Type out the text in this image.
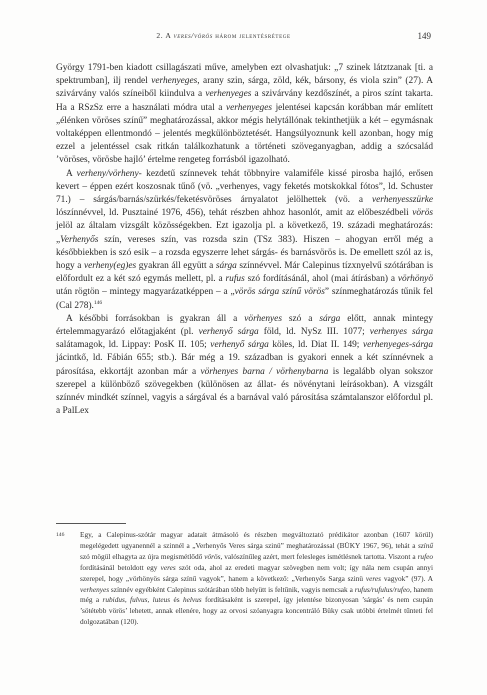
2. A veres/vörös három jelentésrétege	149

György 1791-ben kiadott csillagászati műve, amelyben ezt olvashatjuk: „7 szinek látztzanak [ti. a spektrumban], ilj rendel verhenyeges, arany szin, sárga, zöld, kék, bársony, és viola szin” (27). A szivárvány valós színeiből kiindulva a verhenyeges a szivárvány kezdőszínét, a piros színt takarta. Ha a RSzSz erre a használati módra utal a verhenyeges jelentései kapcsán korábban már említett „élénken vöröses színű” meghatározással, akkor mégis helytállónak tekinthetjük a két – egymásnak voltaképpen ellentmondó – jelentés megkülönböztetését. Hangsúlyoznunk kell azonban, hogy míg ezzel a jelentéssel csak ritkán találkozhatunk a történeti szöveganyagban, addig a szócsalád ’vöröses, vörösbe hajló’ értelme rengeteg forrásból igazolható.

A verheny/vörheny- kezdetű színnevek tehát többnyire valamiféle kissé pirosba hajló, erősen kevert – éppen ezért koszosnak tűnő (vö. „verhenyes, vagy feketés motskokkal fótos”, ld. Schuster 71.) – sárgás/barnás/szürkés/feketésvöröses árnyalatot jelölhettek (vö. a verhenyesszürke lószínnévvel, ld. Pusztainé 1976, 456), tehát részben ahhoz hasonlót, amit az előbeszédbeli vörös jelöl az általam vizsgált közösségekben. Ezt igazolja pl. a következő, 19. századi meghatározás: „Verhenyős szín, vereses szín, vas rozsda szin (TSz 383). Hiszen – ahogyan erről még a későbbiekben is szó esik – a rozsda egyszerre lehet sárgás- és barnásvörös is. De emellett szól az is, hogy a verheny(eg)es gyakran áll együtt a sárga színnévvel. Már Calepinus tízxnyelvű szótárában is előfordult ez a két szó egymás mellett, pl. a rufus szó fordításánál, ahol (mai átírásban) a vörhönyö után rögtön – mintegy magyarázatképpen – a „vörös sárga színű vörös” színmeghatározás tűnik fel (Cal 278).$^{146}$

A későbbi forrásokban is gyakran áll a vörhenyes szó a sárga előtt, annak mintegy értelemmagyarázó előtagjaként (pl. verhenyő sárga föld, ld. NySz III. 1077; verhenyes sárga salátamagok, ld. Lippay: PosK II. 105; verhenyő sárga köles, ld. Diat II. 149; verhenyeges-sárga jácintkő, ld. Fábián 655; stb.). Bár még a 19. században is gyakori ennek a két színnévnek a párosítása, ekkortájt azonban már a vörhenyes barna / vörhenybarna is legalább olyan sokszor szerepel a különböző szövegekben (különösen az állat- és növénytani leírásokban). A vizsgált színnév mindkét színnel, vagyis a sárgával és a barnával való párosítása számtalanszor előfordul pl. a PalLex

146	Egy, a Calepinus-szótár magyar adatait átmásoló és részben megváltoztató prédikátor azonban (1607 körül) megelégedett ugyanennél a szinnél a „Verhenyős Veres sárga szinü” meghatározással (BÜKY 1967, 96), tehát a színű szó mögül elhagyta az újra megismétlődő vörös, valószínűleg azért, mert felesleges ismétlésnek tartotta. Viszont a rufeo fordításánál betoldott egy veres szót oda, ahol az eredeti magyar szövegben nem volt; így nála nem csupán annyi szerepel, hogy „vörhönyös sárga színű vagyok”, hanem a következő: „Verhenyős Sarga szinü veres vagyok” (97). A verhenyes színnév egyébként Calepinus szótárában több helyütt is feltűnik, vagyis nemcsak a rufus/rufulus/rufeo, hanem még a rubidus, fulvus, luteus és helvus fordításaként is szerepel, így jelentése bizonyosan ’sárgás’ és nem csupán ’sötétebb vörös’ lehetett, annak ellenére, hogy az orvosi szóanyagra koncentráló Büky csak utóbbi értelmét tűnteti fel dolgozatában (120).
